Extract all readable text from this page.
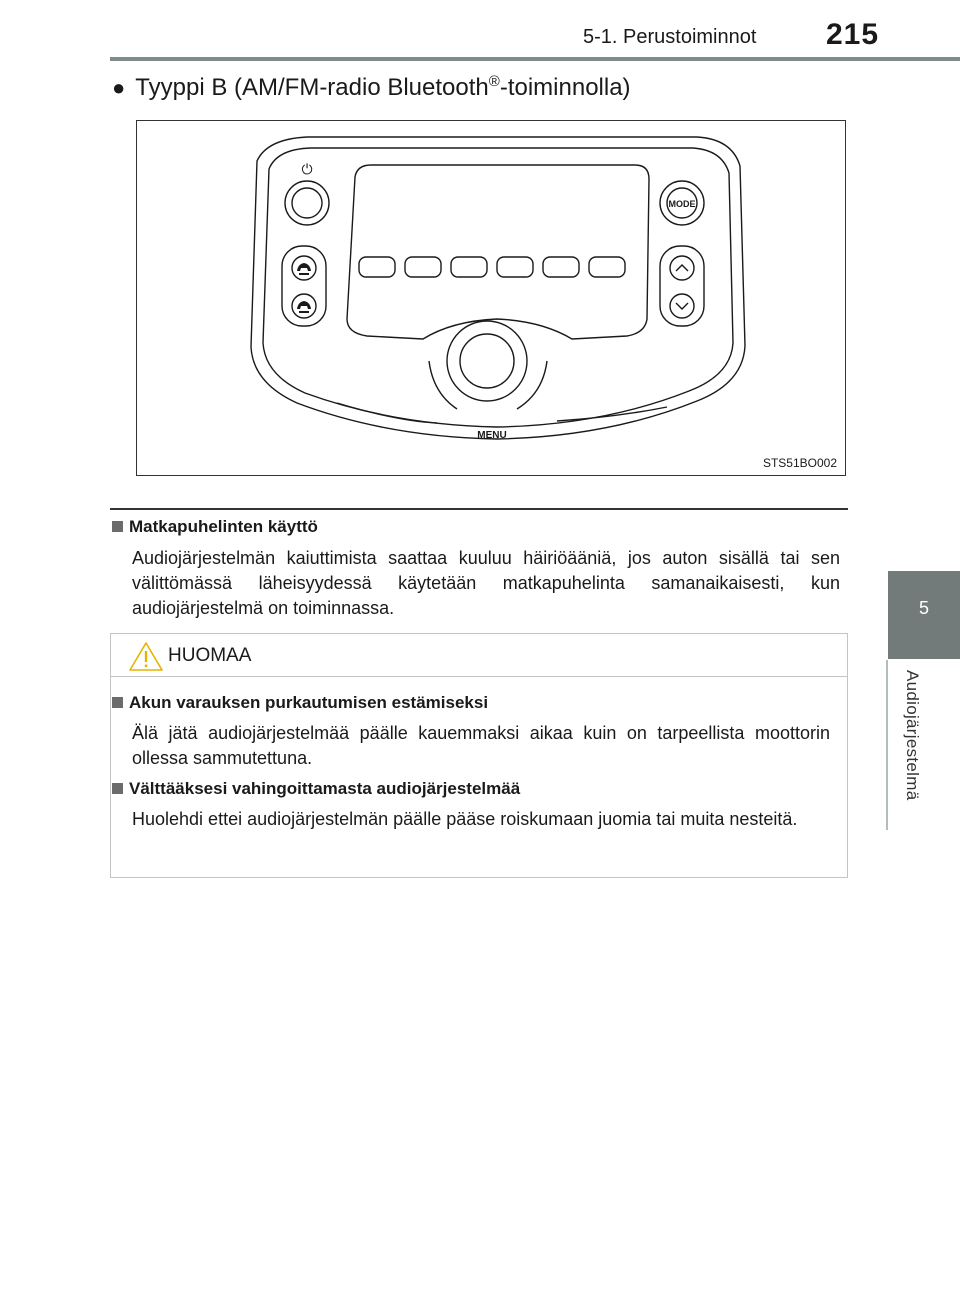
5-1. Perustoiminnot 215
5
Audiojärjestelmä
● Tyyppi B (AM/FM-radio Bluetooth®-toiminnolla)
⏻
MODE
MENU
STS51BO002
Matkapuhelinten käyttö
Audiojärjestelmän kaiuttimista saattaa kuuluu häiriöääniä, jos auton sisällä tai sen välittömässä läheisyydessä käytetään matkapuhelinta samanaikaisesti, kun audiojärjestelmä on toiminnassa.
HUOMAA
Akun varauksen purkautumisen estämiseksi
Älä jätä audiojärjestelmää päälle kauemmaksi aikaa kuin on tarpeellista moottorin ollessa sammutettuna.
Välttääksesi vahingoittamasta audiojärjestelmää
Huolehdi ettei audiojärjestelmän päälle pääse roiskumaan juomia tai muita nesteitä.
